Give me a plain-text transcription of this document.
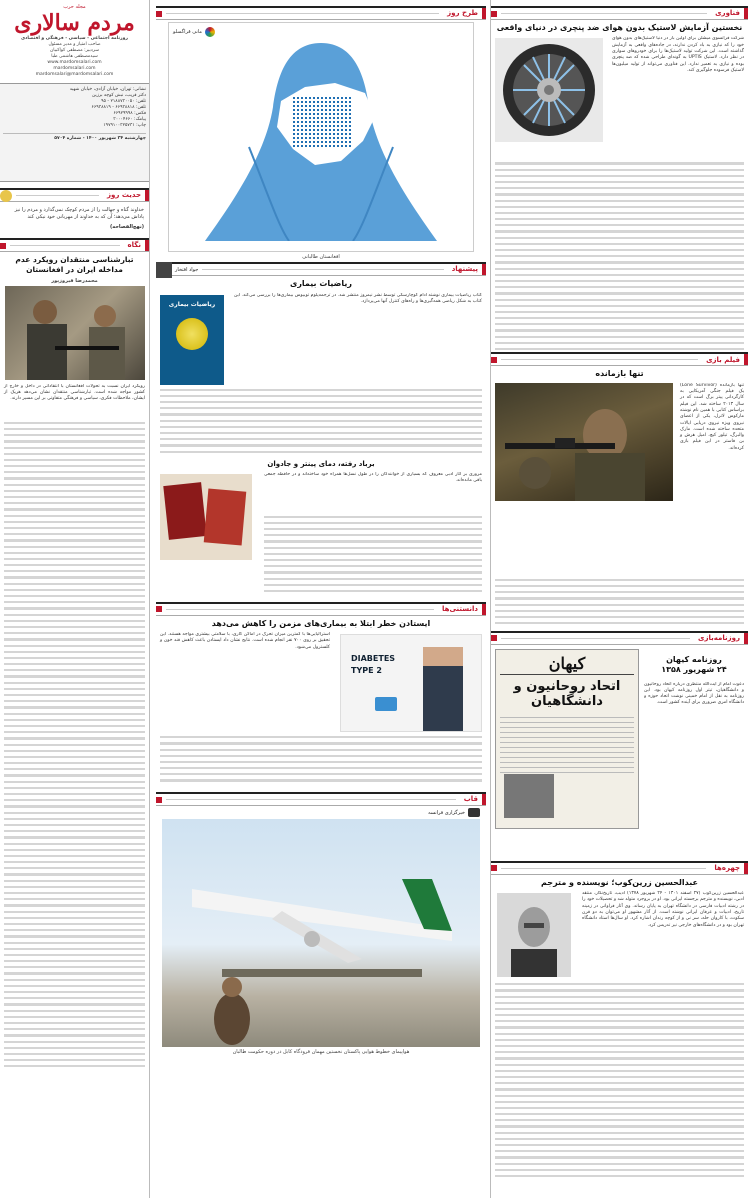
فناوری
نخستین آزمایش لاستیک بدون هوای ضد پنچری در دنیای واقعی
شرکت فرانسوی میشلن برای اولین بار در دنیا لاستیک‌های بدون هوای خود را که نیازی به باد کردن ندارند، در جاده‌های واقعی به آزمایش گذاشته است. این شرکت تولید لاستیک‌ها را برای خودروهای سواری در نظر دارد. لاستیک UPTIS به گونه‌ای طراحی شده که ضد پنچری بوده و نیازی به تعمیر ندارد. این فناوری می‌تواند از تولید میلیون‌ها لاستیک فرسوده جلوگیری کند.
فیلم بازی
تنها بازمانده
تنها بازمانده (Lone Survivor) یک فیلم جنگی آمریکایی به کارگردانی پیتر برگ است که در سال ۲۰۱۳ ساخته شد. این فیلم براساس کتابی با همین نام نوشته مارکوس لاترل، یکی از اعضای نیروی ویژه نیروی دریایی ایالات متحده ساخته شده است. مارک والبرگ، تیلور کیچ، امیل هرش و بن فاستر در این فیلم بازی کرده‌اند.
روزنامه‌بازی
کیهان
اتحاد روحانیون و دانشگاهیان
روزنامه کیهان
۲۴ شهریور ۱۳۵۸
دعوت امام از آیت‌الله منتظری درباره اتحاد روحانیون و دانشگاهیان، تیتر اول روزنامه کیهان بود. این روزنامه به نقل از امام خمینی نوشت اتحاد حوزه و دانشگاه امری ضروری برای آینده کشور است.
چهره‌ها
عبدالحسین زرین‌کوب؛ نویسنده و مترجم
عبدالحسین زرین‌کوب (۲۷ اسفند ۱۳۰۱ - ۲۴ شهریور ۱۳۷۸) ادیب، تاریخ‌نگار، منتقد ادبی، نویسنده و مترجم برجسته ایرانی بود. او در بروجرد متولد شد و تحصیلات خود را در رشته ادبیات فارسی در دانشگاه تهران به پایان رساند. وی آثار فراوانی در زمینه تاریخ، ادبیات و عرفان ایرانی نوشته است. از آثار مشهور او می‌توان به دو قرن سکوت، با کاروان حله، سر نی و از کوچه رندان اشاره کرد. او سال‌ها استاد دانشگاه تهران بود و در دانشگاه‌های خارجی نیز تدریس کرد.
طرح روز
مانی قراگسلو
افغانستان طالبانی
پیشنهاد
جواد افتخار
ریاضیات بیماری
ریاضیات بیماری
کتاب ریاضیات بیماری نوشته آدام کوچارسکی توسط نشر نیمروز منتشر شد. در ترجمه‌پلوم توبیوس بیماری‌ها را بررسی می‌کند. این کتاب به شکل ریاضی همه‌گیری‌ها و راه‌های کنترل آنها می‌پردازد.
برباد رفته، دمای پینتر و جادوان
مروری بر آثار ادبی معروف که بسیاری از خوانندگان را در طول نسل‌ها همراه خود ساخته‌اند و در حافظه جمعی باقی مانده‌اند.
دانستنی‌ها
ایستادن خطر ابتلا به بیماری‌های مزمن را کاهش می‌دهد
DIABETES TYPE 2
استرالیایی‌ها با کمترین میزان تحرک در اماکن کاری، با سلامتی بیشتری مواجه هستند. این تحقیق بر روی ۷۰۰ نفر انجام شده است. نتایج نشان داد ایستادن باعث کاهش قند خون و کلسترول می‌شود.
قاب
خبرگزاری فرانسه
هواپیمای خطوط هوایی پاکستان نخستین مهمان فرودگاه کابل در دوره حکومت طالبان
مجله حرب
مردم سالاری
روزنامه اجتماعی - سیاسی - فرهنگی و اقتصادی
صاحب امتیاز و مدیر مسئول
سردبیر: مصطفی کواکبیان
سیدمصطفی هاشمی طبا
www.mardomsalari.com
mardomsalari.com
mardomsalari@mardomsalari.com
نشانی: تهران، خیابان آزادی، خیابان شهید
دکتر قریب، نبش کوچه برزین
تلفن: ۲۱۸۸۷۳۰۰۵۰ - ۹۵
تلفن: ۶۶۹۳۸۸۱۸ - ۶۶۹۳۸۸۱۹
فکس: ۶۶۹۲۹۹۹۸
پیامک: ۳۰۰۰۴۶۶۰
چاپ: ۱۹۷۹۱۰۰۳۲۵۷۳۱
چهارشنبه ۲۴ شهریور ۱۴۰۰ - شماره ۵۷۰۴
حدیث روز
خداوند گناه و جهالت را از مردم کوچک نمی‌گذارد و مردم را نیز پاداش می‌دهد؛ آن که به خداوند از مهربانی خود نیکی کند
(نهج‌الفصاحه)
نگاه
تبارشناسی منتقدان رویکرد عدم مداخله ایران در افغانستان
محمدرضا فیروزپور
رویکرد ایران نسبت به تحولات افغانستان با انتقاداتی در داخل و خارج از کشور مواجه شده است. تبارشناسی منتقدان نشان می‌دهد هریک از ایشان، ملاحظات فکری، سیاسی و فرهنگی متفاوتی بر این مسیر دارند.
